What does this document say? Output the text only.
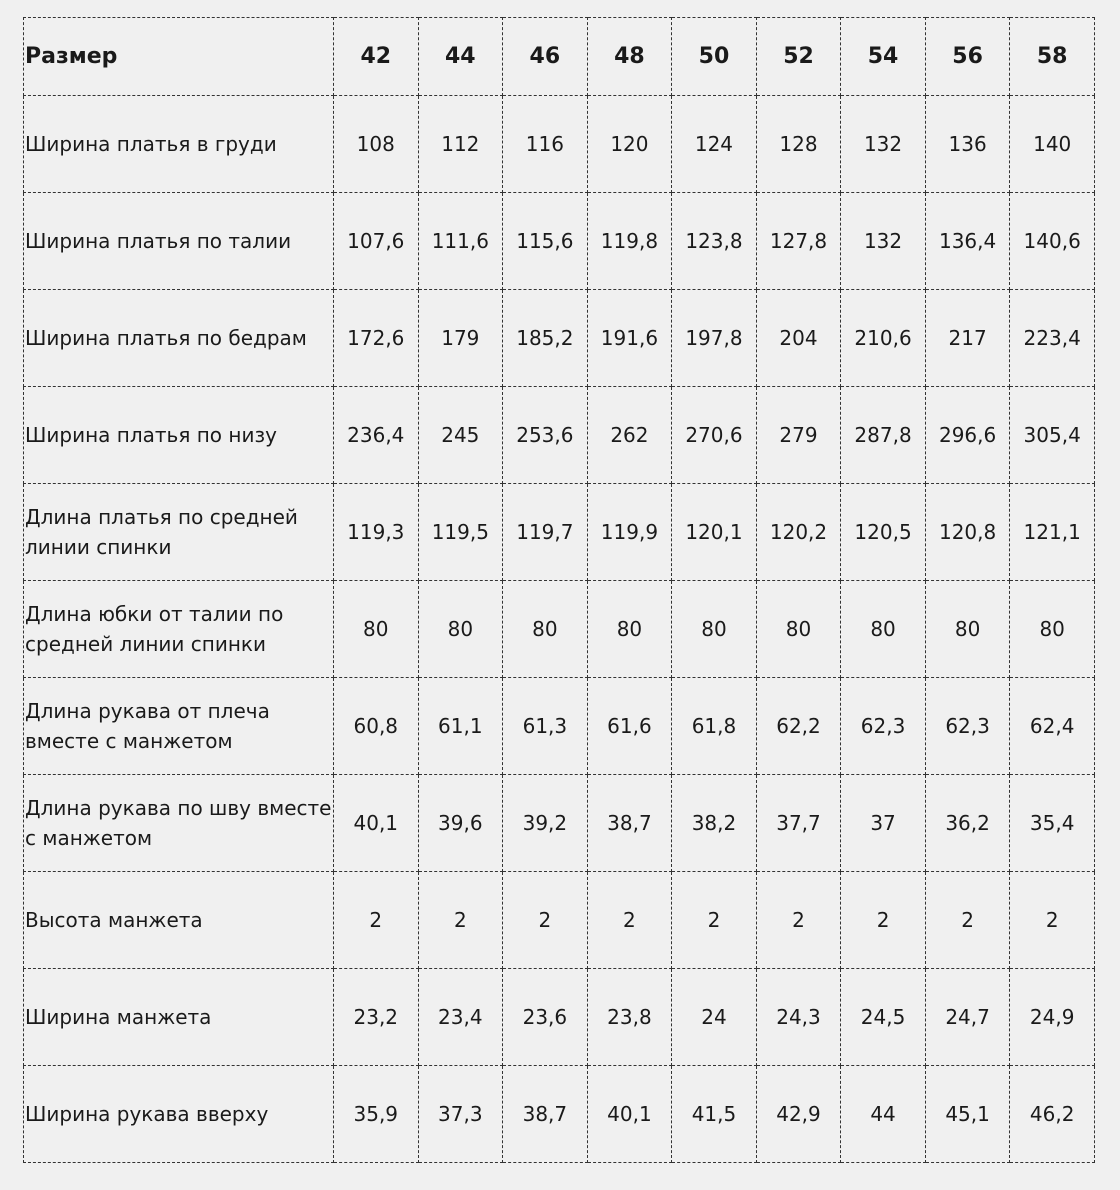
Размер	42	44	46	48	50	52	54	56	58
Ширина платья в груди	108	112	116	120	124	128	132	136	140
Ширина платья по талии	107,6	111,6	115,6	119,8	123,8	127,8	132	136,4	140,6
Ширина платья по бедрам	172,6	179	185,2	191,6	197,8	204	210,6	217	223,4
Ширина платья по низу	236,4	245	253,6	262	270,6	279	287,8	296,6	305,4
Длина платья по средней линии спинки	119,3	119,5	119,7	119,9	120,1	120,2	120,5	120,8	121,1
Длина юбки от талии по средней линии спинки	80	80	80	80	80	80	80	80	80
Длина рукава от плеча вместе с манжетом	60,8	61,1	61,3	61,6	61,8	62,2	62,3	62,3	62,4
Длина рукава по шву вместе с манжетом	40,1	39,6	39,2	38,7	38,2	37,7	37	36,2	35,4
Высота манжета	2	2	2	2	2	2	2	2	2
Ширина манжета	23,2	23,4	23,6	23,8	24	24,3	24,5	24,7	24,9
Ширина рукава вверху	35,9	37,3	38,7	40,1	41,5	42,9	44	45,1	46,2
